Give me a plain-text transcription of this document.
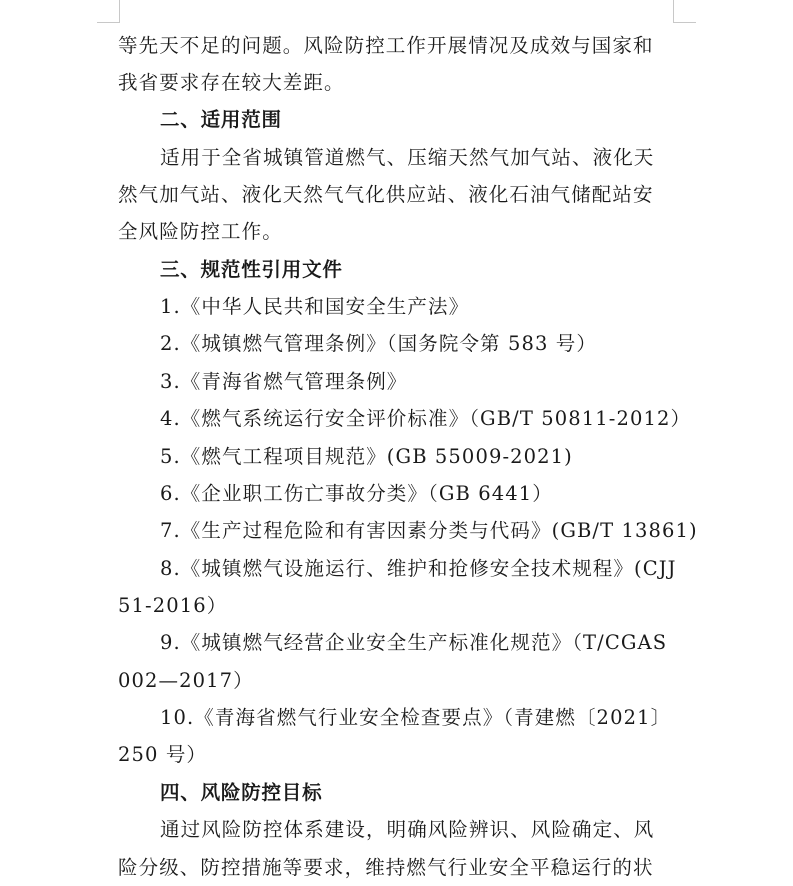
等先天不足的问题。风险防控工作开展情况及成效与国家和
我省要求存在较大差距。
二、适用范围
适用于全省城镇管道燃气、压缩天然气加气站、液化天
然气加气站、液化天然气气化供应站、液化石油气储配站安
全风险防控工作。
三、规范性引用文件
1.《中华人民共和国安全生产法》
2.《城镇燃气管理条例》（国务院令第 583 号）
3.《青海省燃气管理条例》
4.《燃气系统运行安全评价标准》（GB/T 50811-2012）
5.《燃气工程项目规范》(GB 55009-2021)
6.《企业职工伤亡事故分类》（GB 6441）
7.《生产过程危险和有害因素分类与代码》(GB/T 13861)
8.《城镇燃气设施运行、维护和抢修安全技术规程》(CJJ
51-2016）
9.《城镇燃气经营企业安全生产标准化规范》（T/CGAS
002—2017）
10.《青海省燃气行业安全检查要点》（青建燃〔2021〕
250 号）
四、风险防控目标
通过风险防控体系建设，明确风险辨识、风险确定、风
险分级、防控措施等要求，维持燃气行业安全平稳运行的状
